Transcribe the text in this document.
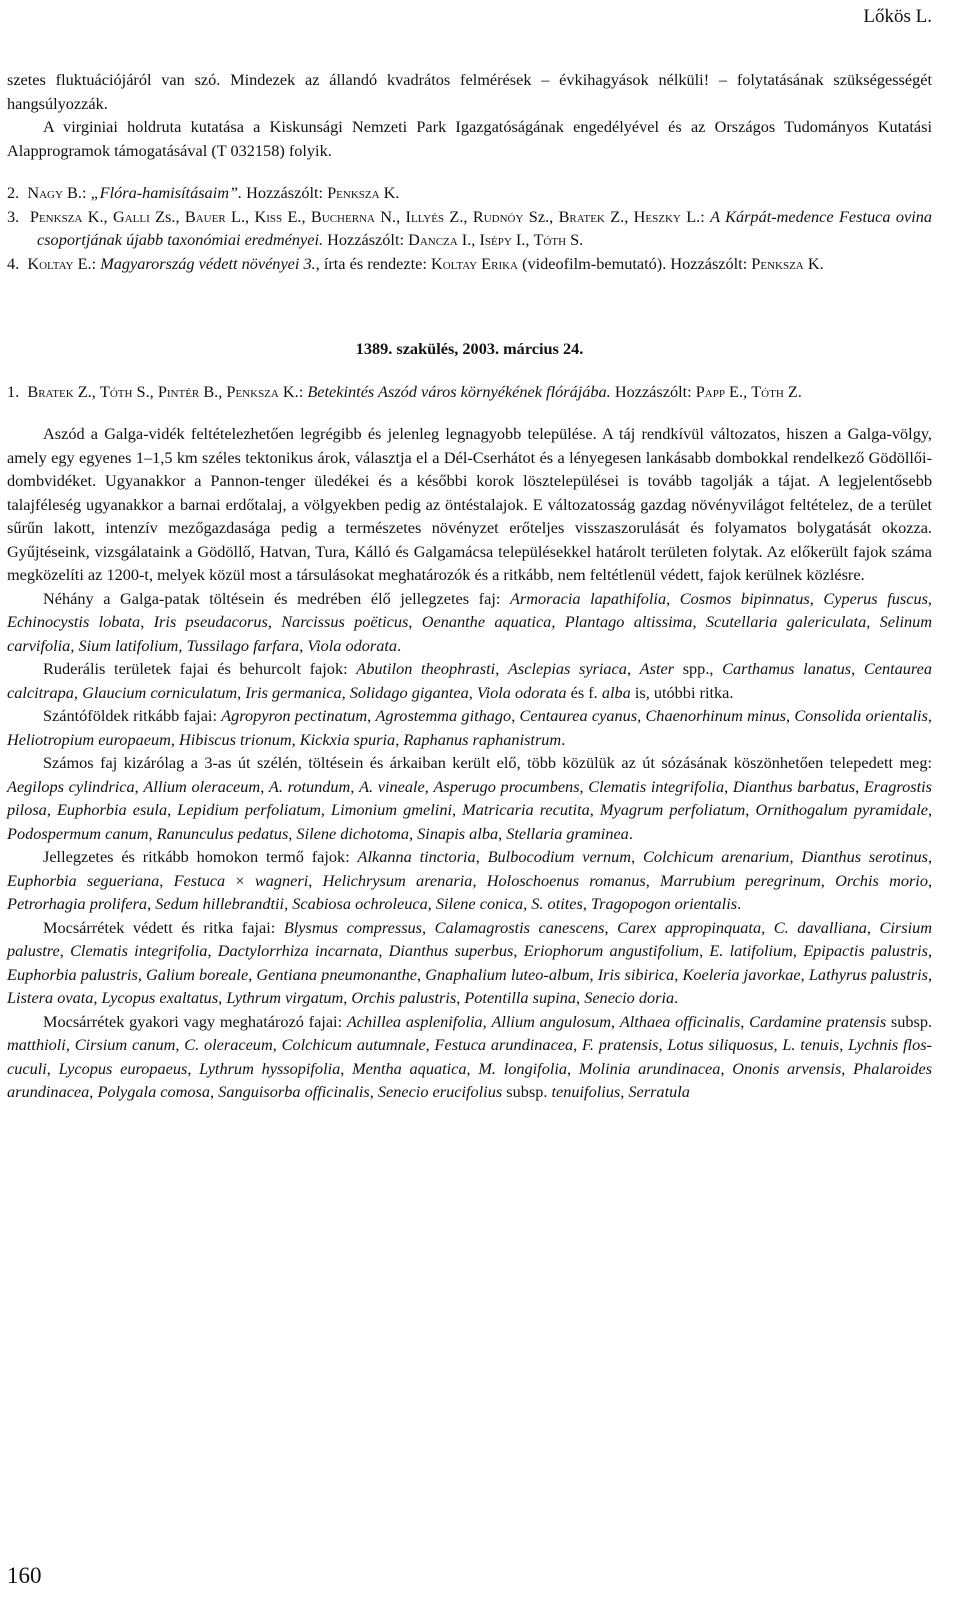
Lőkös L.

szetes fluktuációjáról van szó. Mindezek az állandó kvadrátos felmérések – évkihagyások nélküli! – folytatásának szükségességét hangsúlyozzák.

A virginiai holdruta kutatása a Kiskunsági Nemzeti Park Igazgatóságának engedélyével és az Országos Tudományos Kutatási Alapprogramok támogatásával (T 032158) folyik.

2.  Nagy B.: „Flóra-hamisításaim”. Hozzászólt: Penksza K.

3.  Penksza K., Galli Zs., Bauer L., Kiss E., Bucherna N., Illyés Z., Rudnóy Sz., Bratek Z., Heszky L.: A Kárpát-medence Festuca ovina csoportjának újabb taxonómiai eredményei. Hozzászólt: Dancza I., Isépy I., Tóth S.

4.  Koltay E.: Magyarország védett növényei 3., írta és rendezte: Koltay Erika (videofilm-bemutató). Hozzászólt: Penksza K.

1389. szakülés, 2003. március 24.

1.  Bratek Z., Tóth S., Pintér B., Penksza K.: Betekintés Aszód város környékének flórájába. Hozzászólt: Papp E., Tóth Z.

Aszód a Galga-vidék feltételezhetően legrégibb és jelenleg legnagyobb települése. A táj rendkívül változatos, hiszen a Galga-völgy, amely egy egyenes 1–1,5 km széles tektonikus árok, választja el a Dél-Cserhátot és a lényegesen lankásabb dombokkal rendelkező Gödöllői-dombvidéket. Ugyanakkor a Pannon-tenger üledékei és a későbbi korok lösztelepülései is tovább tagolják a tájat. A legjelentősebb talajféleség ugyanakkor a barnai erdőtalaj, a völgyekben pedig az öntéstalajok. E változatosság gazdag növényvilágot feltételez, de a terület sűrűn lakott, intenzív mezőgazdasága pedig a természetes növényzet erőteljes visszaszorulását és folyamatos bolygatását okozza. Gyűjtéseink, vizsgálataink a Gödöllő, Hatvan, Tura, Kálló és Galgamácsa településekkel határolt területen folytak. Az előkerült fajok száma megközelíti az 1200-t, melyek közül most a társulásokat meghatározók és a ritkább, nem feltétlenül védett, fajok kerülnek közlésre.

Néhány a Galga-patak töltésein és medrében élő jellegzetes faj: Armoracia lapathifolia, Cosmos bipinnatus, Cyperus fuscus, Echinocystis lobata, Iris pseudacorus, Narcissus poëticus, Oenanthe aquatica, Plantago altissima, Scutellaria galericulata, Selinum carvifolia, Sium latifolium, Tussilago farfara, Viola odorata.

Ruderális területek fajai és behurcolt fajok: Abutilon theophrasti, Asclepias syriaca, Aster spp., Carthamus lanatus, Centaurea calcitrapa, Glaucium corniculatum, Iris germanica, Solidago gigantea, Viola odorata és f. alba is, utóbbi ritka.

Szántóföldek ritkább fajai: Agropyron pectinatum, Agrostemma githago, Centaurea cyanus, Chaenorhinum minus, Consolida orientalis, Heliotropium europaeum, Hibiscus trionum, Kickxia spuria, Raphanus raphanistrum.

Számos faj kizárólag a 3-as út szélén, töltésein és árkaiban került elő, több közülük az út sózásának köszönhetően telepedett meg: Aegilops cylindrica, Allium oleraceum, A. rotundum, A. vineale, Asperugo procumbens, Clematis integrifolia, Dianthus barbatus, Eragrostis pilosa, Euphorbia esula, Lepidium perfoliatum, Limonium gmelini, Matricaria recutita, Myagrum perfoliatum, Ornithogalum pyramidale, Podospermum canum, Ranunculus pedatus, Silene dichotoma, Sinapis alba, Stellaria graminea.

Jellegzetes és ritkább homokon termő fajok: Alkanna tinctoria, Bulbocodium vernum, Colchicum arenarium, Dianthus serotinus, Euphorbia segueriana, Festuca × wagneri, Helichrysum arenaria, Holoschoenus romanus, Marrubium peregrinum, Orchis morio, Petrorhagia prolifera, Sedum hillebrandtii, Scabiosa ochroleuca, Silene conica, S. otites, Tragopogon orientalis.

Mocsárrétek védett és ritka fajai: Blysmus compressus, Calamagrostis canescens, Carex appropinquata, C. davalliana, Cirsium palustre, Clematis integrifolia, Dactylorrhiza incarnata, Dianthus superbus, Eriophorum angustifolium, E. latifolium, Epipactis palustris, Euphorbia palustris, Galium boreale, Gentiana pneumonanthe, Gnaphalium luteo-album, Iris sibirica, Koeleria javorkae, Lathyrus palustris, Listera ovata, Lycopus exaltatus, Lythrum virgatum, Orchis palustris, Potentilla supina, Senecio doria.

Mocsárrétek gyakori vagy meghatározó fajai: Achillea asplenifolia, Allium angulosum, Althaea officinalis, Cardamine pratensis subsp. matthioli, Cirsium canum, C. oleraceum, Colchicum autumnale, Festuca arundinacea, F. pratensis, Lotus siliquosus, L. tenuis, Lychnis flos-cuculi, Lycopus europaeus, Lythrum hyssopifolia, Mentha aquatica, M. longifolia, Molinia arundinacea, Ononis arvensis, Phalaroides arundinacea, Polygala comosa, Sanguisorba officinalis, Senecio erucifolius subsp. tenuifolius, Serratula

160
